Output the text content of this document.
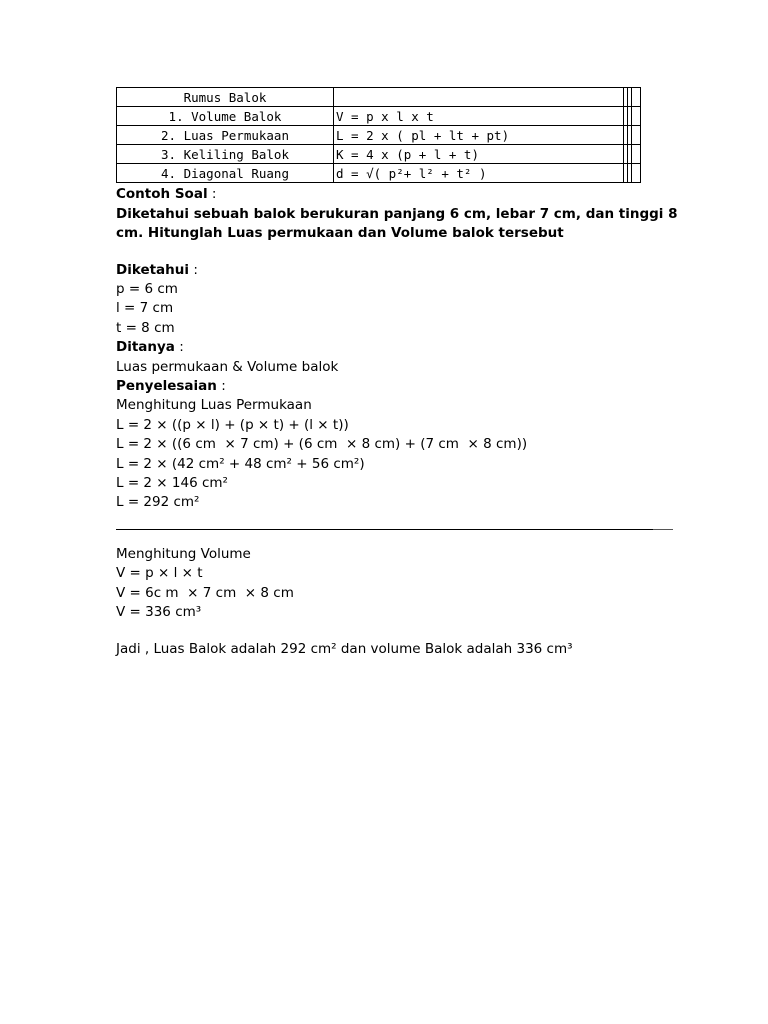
Rumus Balok				
1. Volume Balok	V = p x l x t			
2. Luas Permukaan	L = 2 x ( pl + lt + pt)			
3. Keliling Balok	K = 4 x (p + l + t)			
4. Diagonal Ruang	d = √( p²+ l² + t² )			
Contoh Soal :
Diketahui sebuah balok berukuran panjang 6 cm, lebar 7 cm, dan tinggi 8
cm. Hitunglah Luas permukaan dan Volume balok tersebut
Diketahui :
p = 6 cm
l = 7 cm
t = 8 cm
Ditanya :
Luas permukaan & Volume balok
Penyelesaian :
Menghitung Luas Permukaan
L = 2 × ((p × l) + (p × t) + (l × t))
L = 2 × ((6 cm  × 7 cm) + (6 cm  × 8 cm) + (7 cm  × 8 cm))
L = 2 × (42 cm² + 48 cm² + 56 cm²)
L = 2 × 146 cm²
L = 292 cm²
Menghitung Volume
V = p × l × t
V = 6c m  × 7 cm  × 8 cm
V = 336 cm³
Jadi , Luas Balok adalah 292 cm² dan volume Balok adalah 336 cm³
